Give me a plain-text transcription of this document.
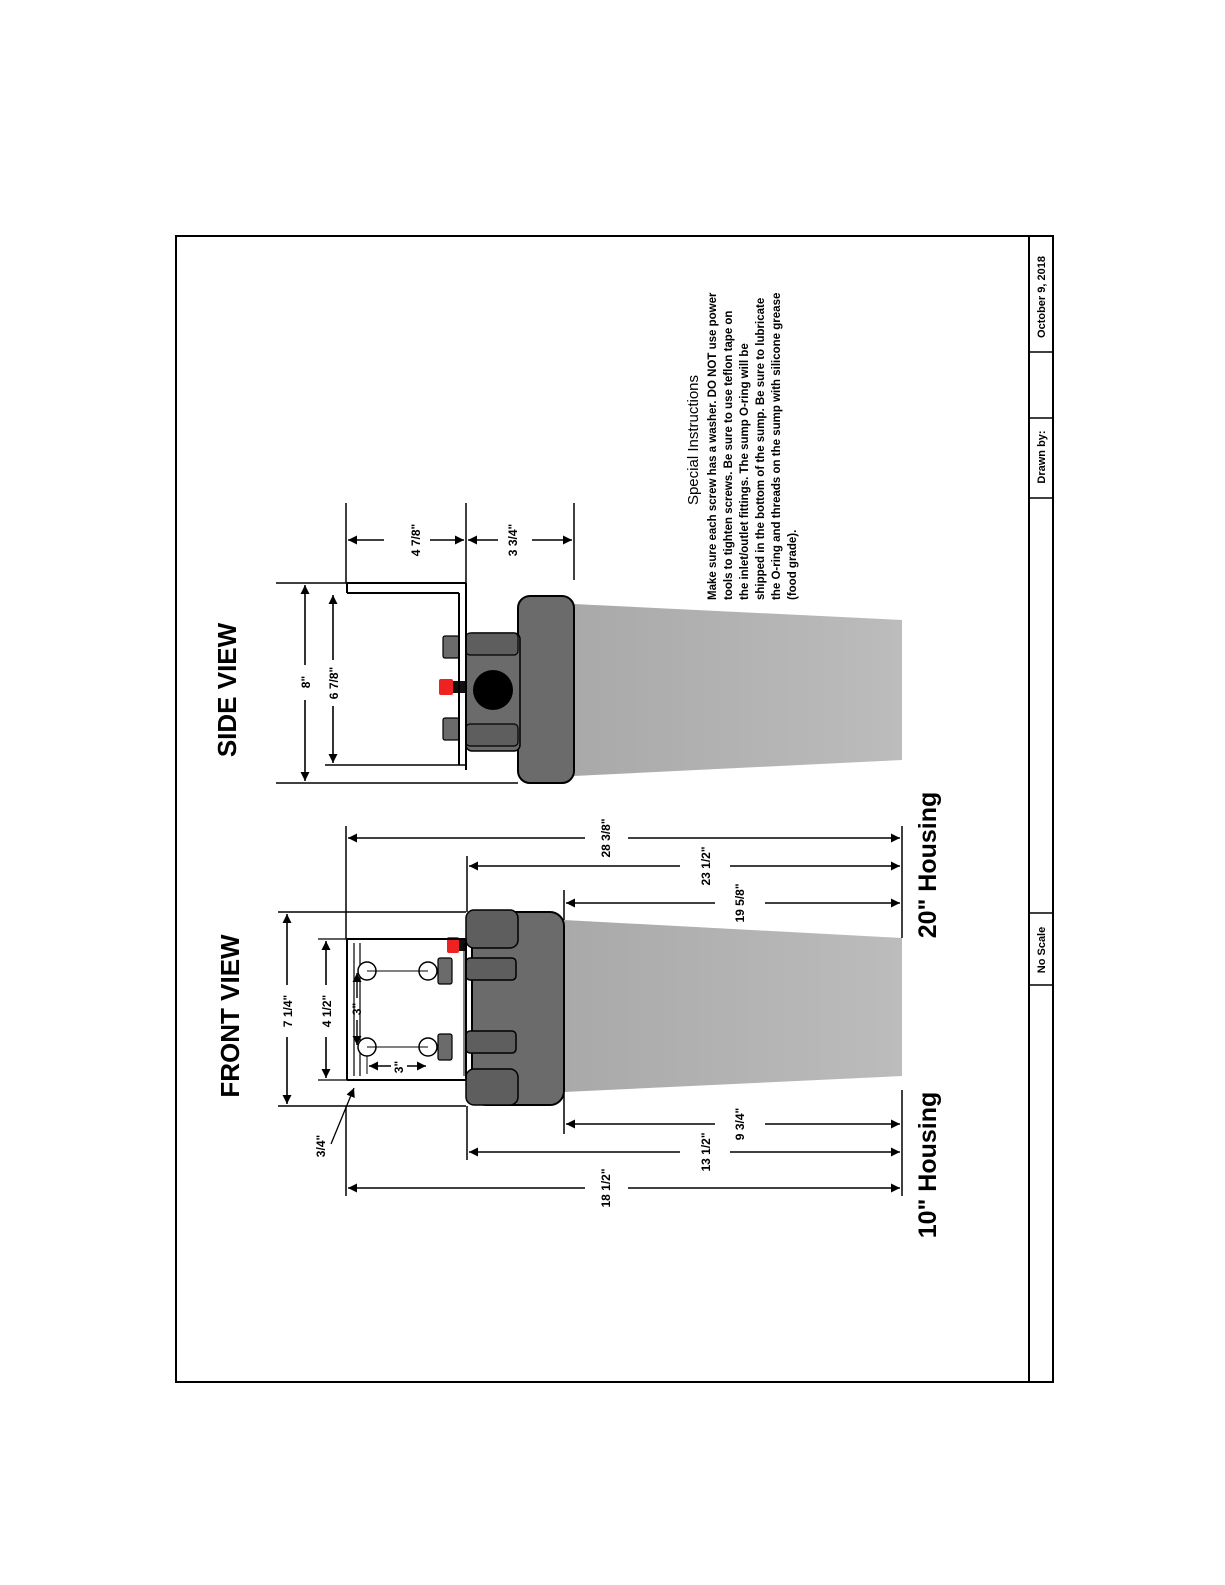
No Scale
Drawn by:
October 9, 2018
FRONT VIEW	7 1/4" 4 1/2" 3"
3"
3/4"
9 3/4"
13 1/2"
18 1/2"	10" Housing
19 5/8"
23 1/2"
28 3/8"	20" Housing
SIDE VIEW	8" 6 7/8"
4 7/8"	3 3/4"
Special Instructions Make sure each screw has a washer. DO NOT use power tools to tighten screws. Be sure to use teflon tape on the inlet/outlet fittings. The sump O-ring will be shipped in the bottom of the sump. Be sure to lubricate the O-ring and threads on the sump with silicone grease (food grade).
